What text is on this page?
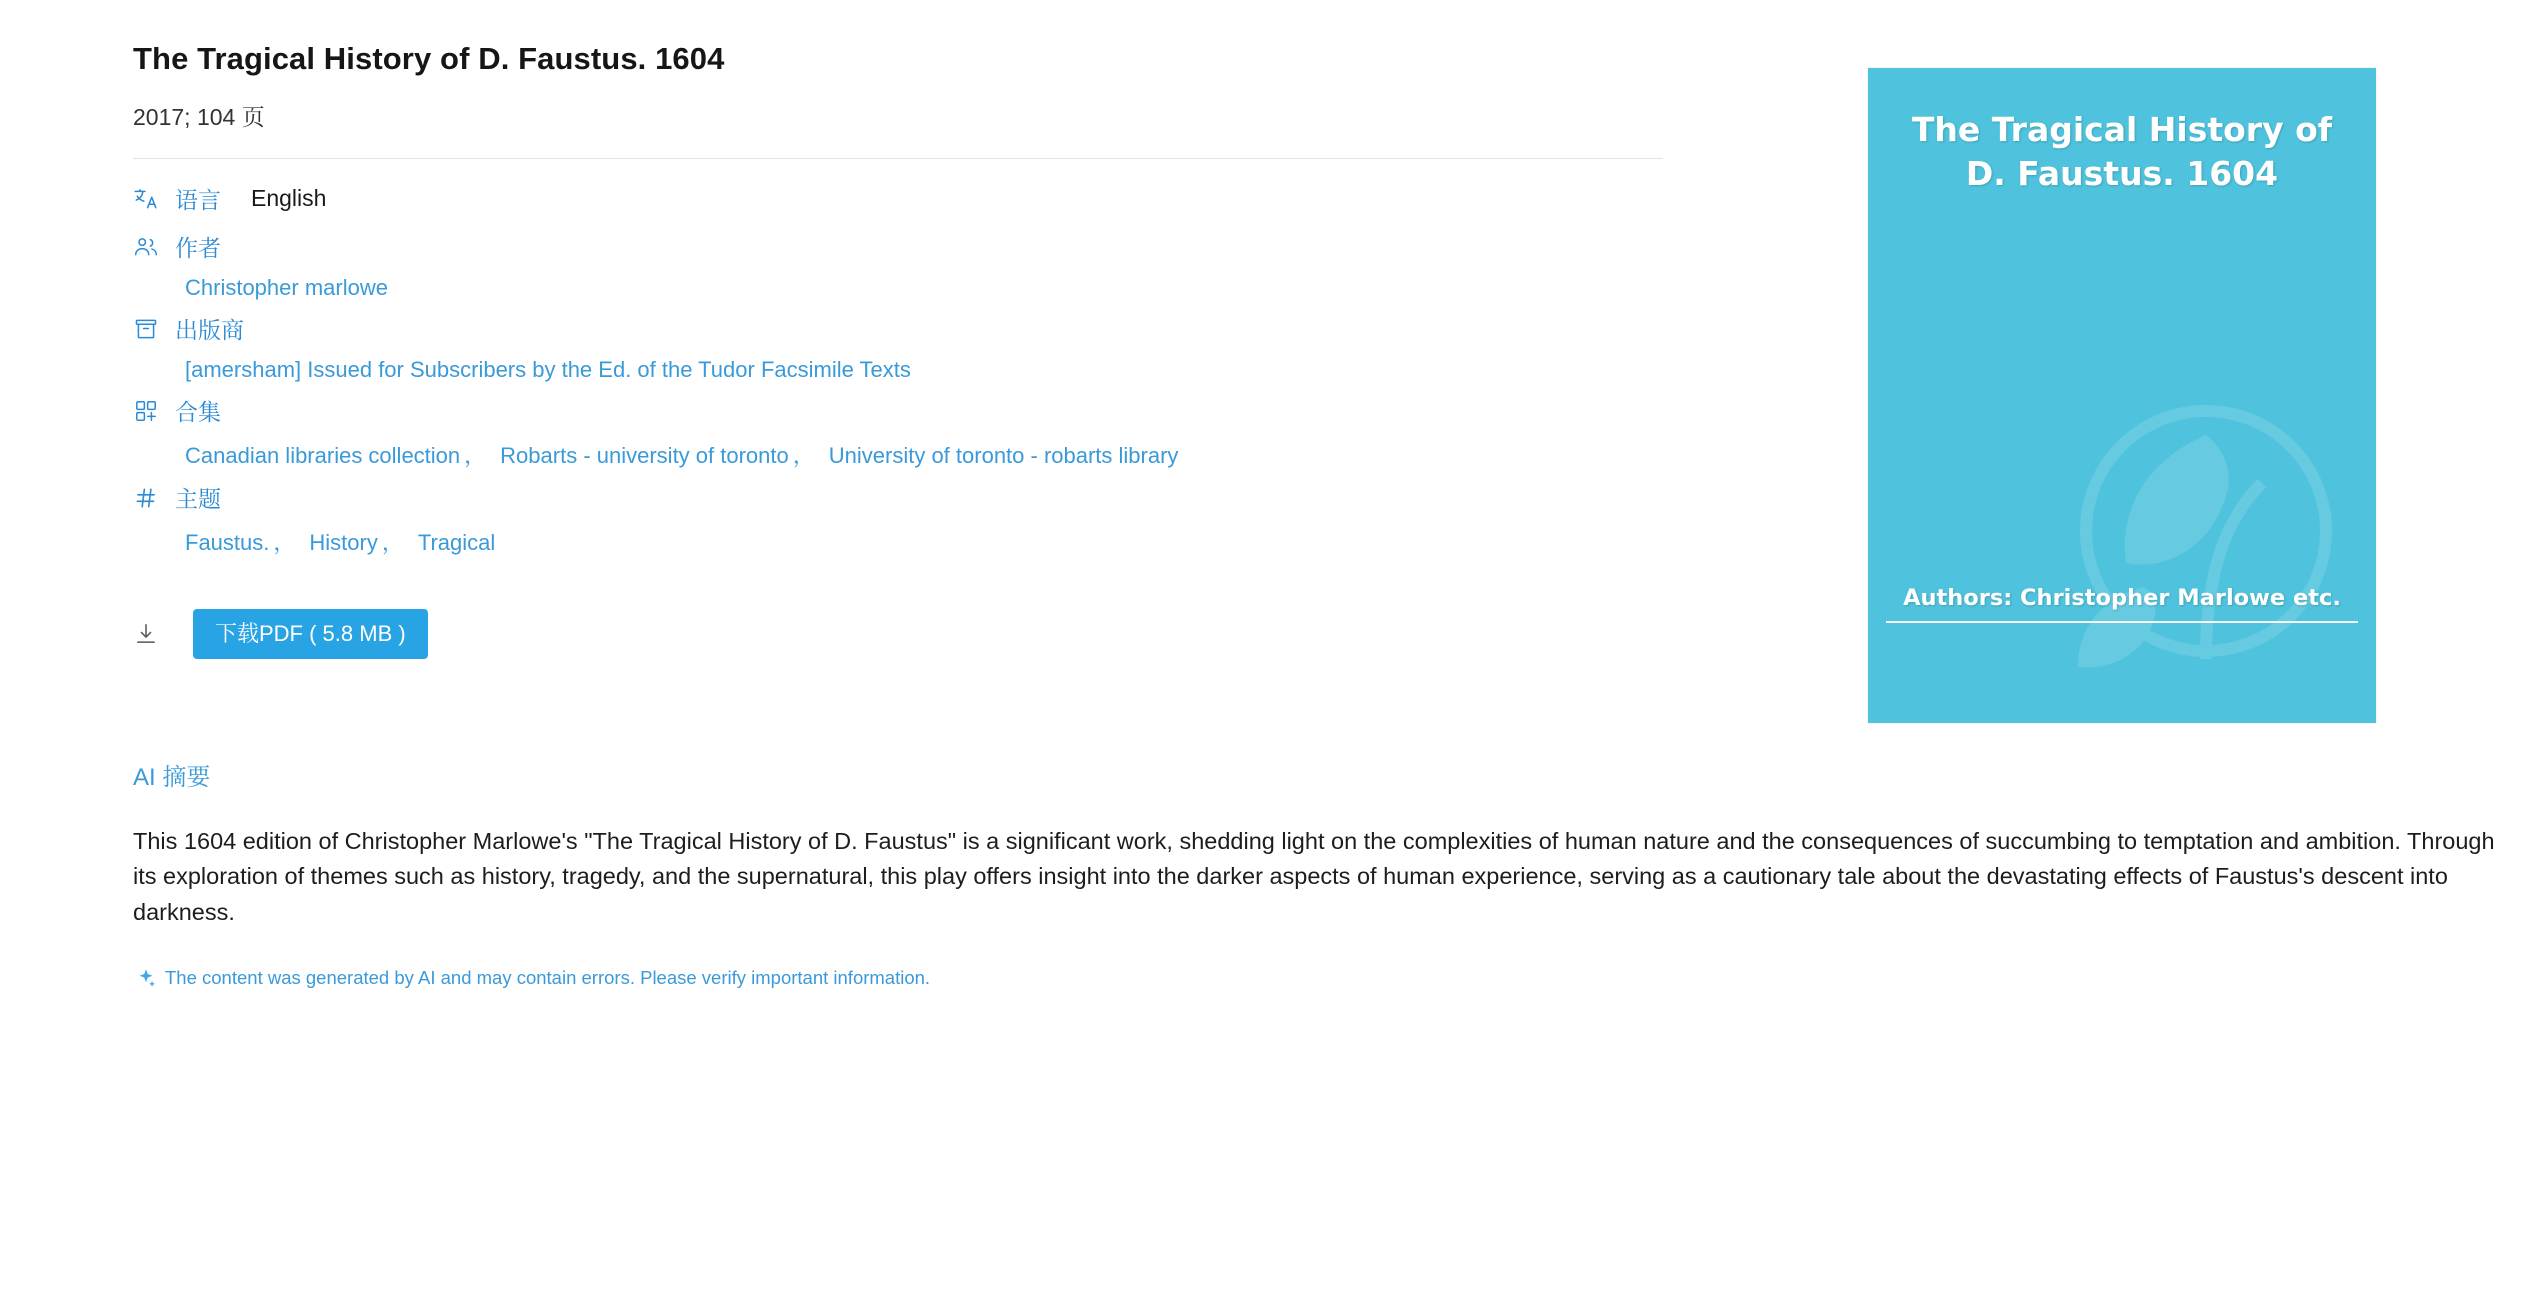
The Tragical History of D. Faustus. 1604
2017; 104 页
语言 English
作者
Christopher marlowe
出版商
[amersham] Issued for Subscribers by the Ed. of the Tudor Facsimile Texts
合集
Canadian libraries collection ， Robarts - university of toronto ， University of toronto - robarts library
主题
Faustus. ， History ， Tragical
下载PDF ( 5.8 MB )
AI 摘要
This 1604 edition of Christopher Marlowe's "The Tragical History of D. Faustus" is a significant work, shedding light on the complexities of human nature and the consequences of succumbing to temptation and ambition. Through its exploration of themes such as history, tragedy, and the supernatural, this play offers insight into the darker aspects of human experience, serving as a cautionary tale about the devastating effects of Faustus's descent into darkness.
The content was generated by AI and may contain errors. Please verify important information.
The Tragical History of D. Faustus. 1604
Authors: Christopher Marlowe etc.
